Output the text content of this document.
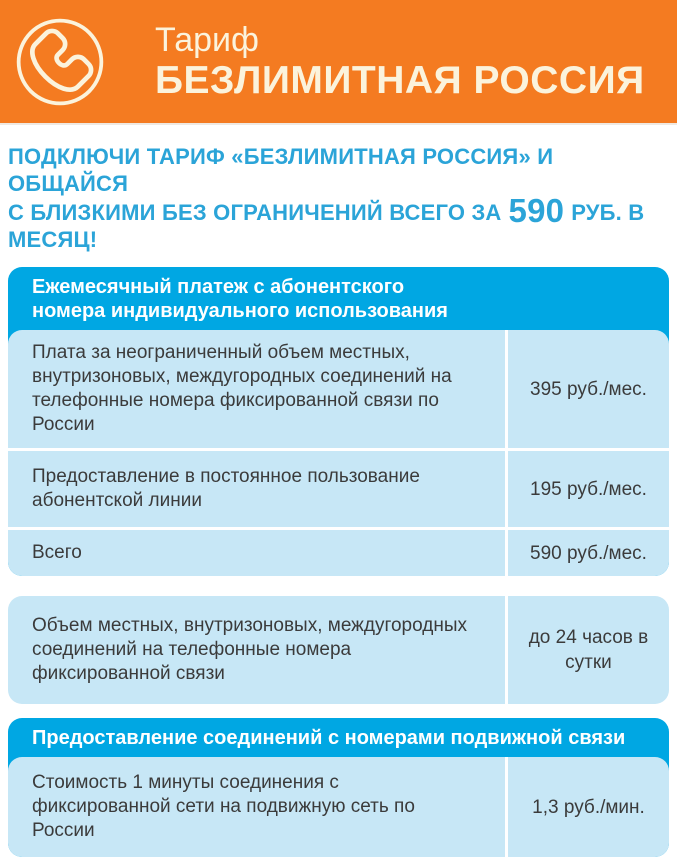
Тариф
БЕЗЛИМИТНАЯ РОССИЯ
ПОДКЛЮЧИ ТАРИФ «БЕЗЛИМИТНАЯ РОССИЯ» И ОБЩАЙСЯ
С БЛИЗКИМИ БЕЗ ОГРАНИЧЕНИЙ ВСЕГО ЗА 590 РУБ. В МЕСЯЦ!
Ежемесячный платеж с абонентского номера индивидуального использования
Плата за неограниченный объем местных, внутризоновых, междугородных соединений на телефонные номера фиксированной связи по России
395 руб./мес.
Предоставление в постоянное пользование абонентской линии
195 руб./мес.
Всего	590 руб./мес.
Объем местных, внутризоновых, междугородных соединений на телефонные номера фиксированной связи
до 24 часов в сутки
Предоставление соединений с номерами подвижной связи
Стоимость 1 минуты соединения с фиксированной сети на подвижную сеть по России
1,3 руб./мин.
